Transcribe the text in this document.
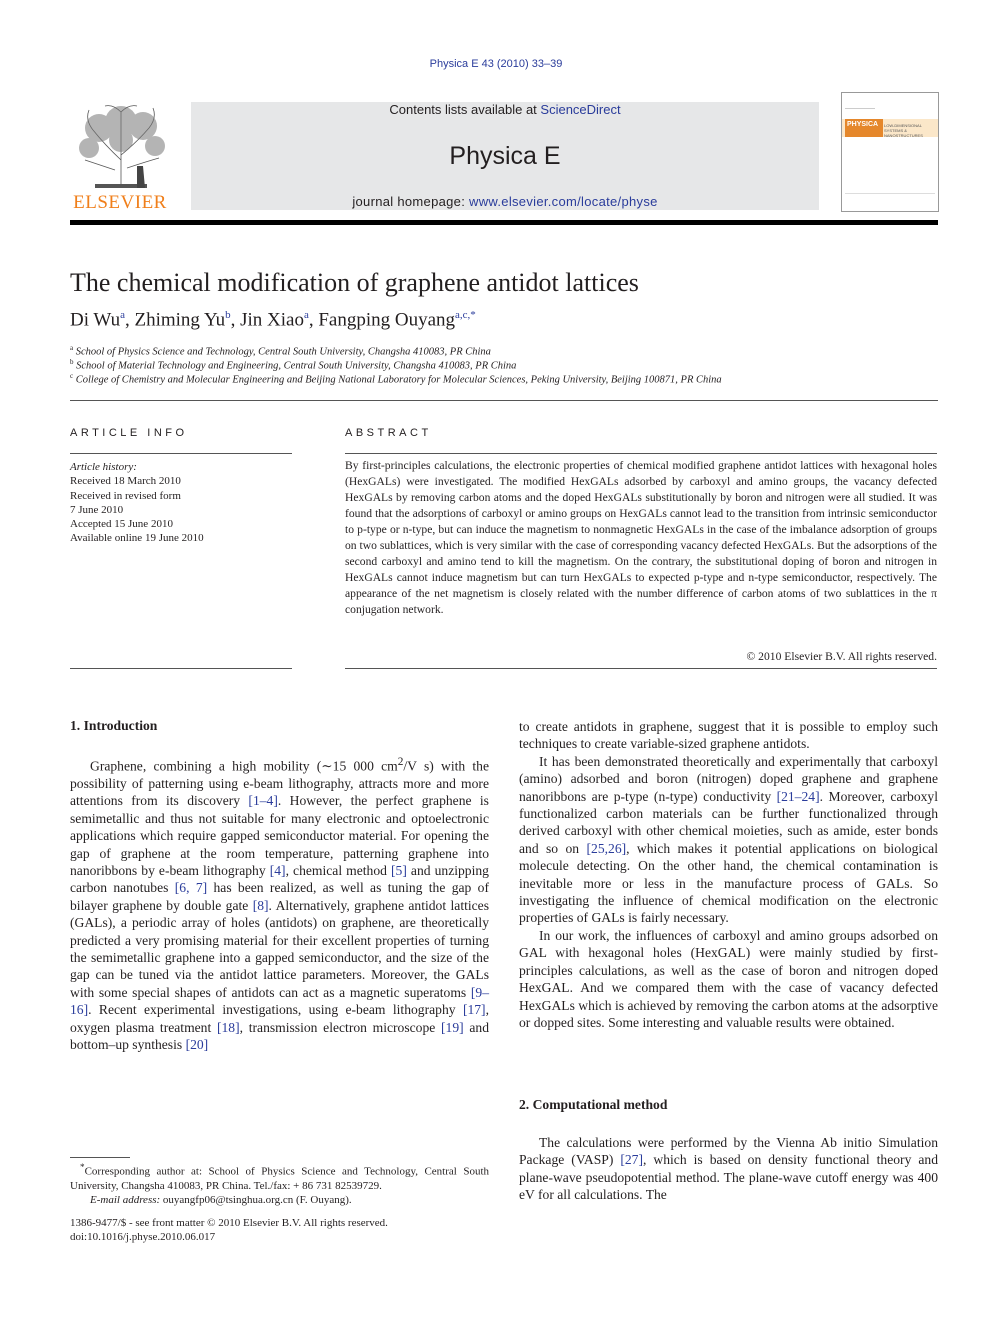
Physica E 43 (2010) 33–39
ELSEVIER
Contents lists available at ScienceDirect
Physica E
journal homepage: www.elsevier.com/locate/physe
PHYSICA	LOW-DIMENSIONAL SYSTEMS & NANOSTRUCTURES
The chemical modification of graphene antidot lattices
Di Wu$^a$, Zhiming Yu$^b$, Jin Xiao$^a$, Fangping Ouyang$^{a,c,*}$
$^a$ School of Physics Science and Technology, Central South University, Changsha 410083, PR China
$^b$ School of Material Technology and Engineering, Central South University, Changsha 410083, PR China
$^c$ College of Chemistry and Molecular Engineering and Beijing National Laboratory for Molecular Sciences, Peking University, Beijing 100871, PR China
ARTICLE INFO
Article history:
Received 18 March 2010
Received in revised form
7 June 2010
Accepted 15 June 2010
Available online 19 June 2010
ABSTRACT
By first-principles calculations, the electronic properties of chemical modified graphene antidot lattices with hexagonal holes (HexGALs) were investigated. The modified HexGALs adsorbed by carboxyl and amino groups, the vacancy defected HexGALs by removing carbon atoms and the doped HexGALs substitutionally by boron and nitrogen were all studied. It was found that the adsorptions of carboxyl or amino groups on HexGALs cannot lead to the transition from intrinsic semiconductor to p-type or n-type, but can induce the magnetism to nonmagnetic HexGALs in the case of the imbalance adsorption of groups on two sublattices, which is very similar with the case of corresponding vacancy defected HexGALs. But the adsorptions of the second carboxyl and amino tend to kill the magnetism. On the contrary, the substitutional doping of boron and nitrogen in HexGALs cannot induce magnetism but can turn HexGALs to expected p-type and n-type semiconductor, respectively. The appearance of the net magnetism is closely related with the number difference of carbon atoms of two sublattices in the π conjugation network.
© 2010 Elsevier B.V. All rights reserved.
1. Introduction

Graphene, combining a high mobility (∼15 000 $cm^2/V$ s) with the possibility of patterning using e-beam lithography, attracts more and more attentions from its discovery [1–4]. However, the perfect graphene is semimetallic and thus not suitable for many electronic and optoelectronic applications which require gapped semiconductor material. For opening the gap of graphene at the room temperature, patterning graphene into nanoribbons by e-beam lithography [4], chemical method [5] and unzipping carbon nanotubes [6, 7] has been realized, as well as tuning the gap of bilayer graphene by double gate [8]. Alternatively, graphene antidot lattices (GALs), a periodic array of holes (antidots) on graphene, are theoretically predicted a very promising material for their excellent properties of turning the semimetallic graphene into a gapped semiconductor, and the size of the gap can be tuned via the antidot lattice parameters. Moreover, the GALs with some special shapes of antidots can act as a magnetic superatoms [9–16]. Recent experimental investigations, using e-beam lithography [17], oxygen plasma treatment [18], transmission electron microscope [19] and bottom–up synthesis [20]

to create antidots in graphene, suggest that it is possible to employ such techniques to create variable-sized graphene antidots.

It has been demonstrated theoretically and experimentally that carboxyl (amino) adsorbed and boron (nitrogen) doped graphene and graphene nanoribbons are p-type (n-type) conductivity [21–24]. Moreover, carboxyl functionalized carbon materials can be further functionalized through derived carboxyl with other chemical moieties, such as amide, ester bonds and so on [25,26], which makes it potential applications on biological molecule detecting. On the other hand, the chemical contamination is inevitable more or less in the manufacture process of GALs. So investigating the influence of chemical modification on the electronic properties of GALs is fairly necessary.

In our work, the influences of carboxyl and amino groups adsorbed on GAL with hexagonal holes (HexGAL) were mainly studied by first-principles calculations, as well as the case of boron and nitrogen doped HexGAL. And we compared them with the case of vacancy defected HexGALs which is achieved by removing the carbon atoms at the adsorptive or dopped sites. Some interesting and valuable results were obtained.

2. Computational method

The calculations were performed by the Vienna Ab initio Simulation Package (VASP) [27], which is based on density functional theory and plane-wave pseudopotential method. The plane-wave cutoff energy was 400 eV for all calculations. The

*Corresponding author at: School of Physics Science and Technology, Central South University, Changsha 410083, PR China. Tel./fax: + 86 731 82539729.
E-mail address: ouyangfp06@tsinghua.org.cn (F. Ouyang).
1386-9477/$ - see front matter © 2010 Elsevier B.V. All rights reserved.
doi:10.1016/j.physe.2010.06.017
